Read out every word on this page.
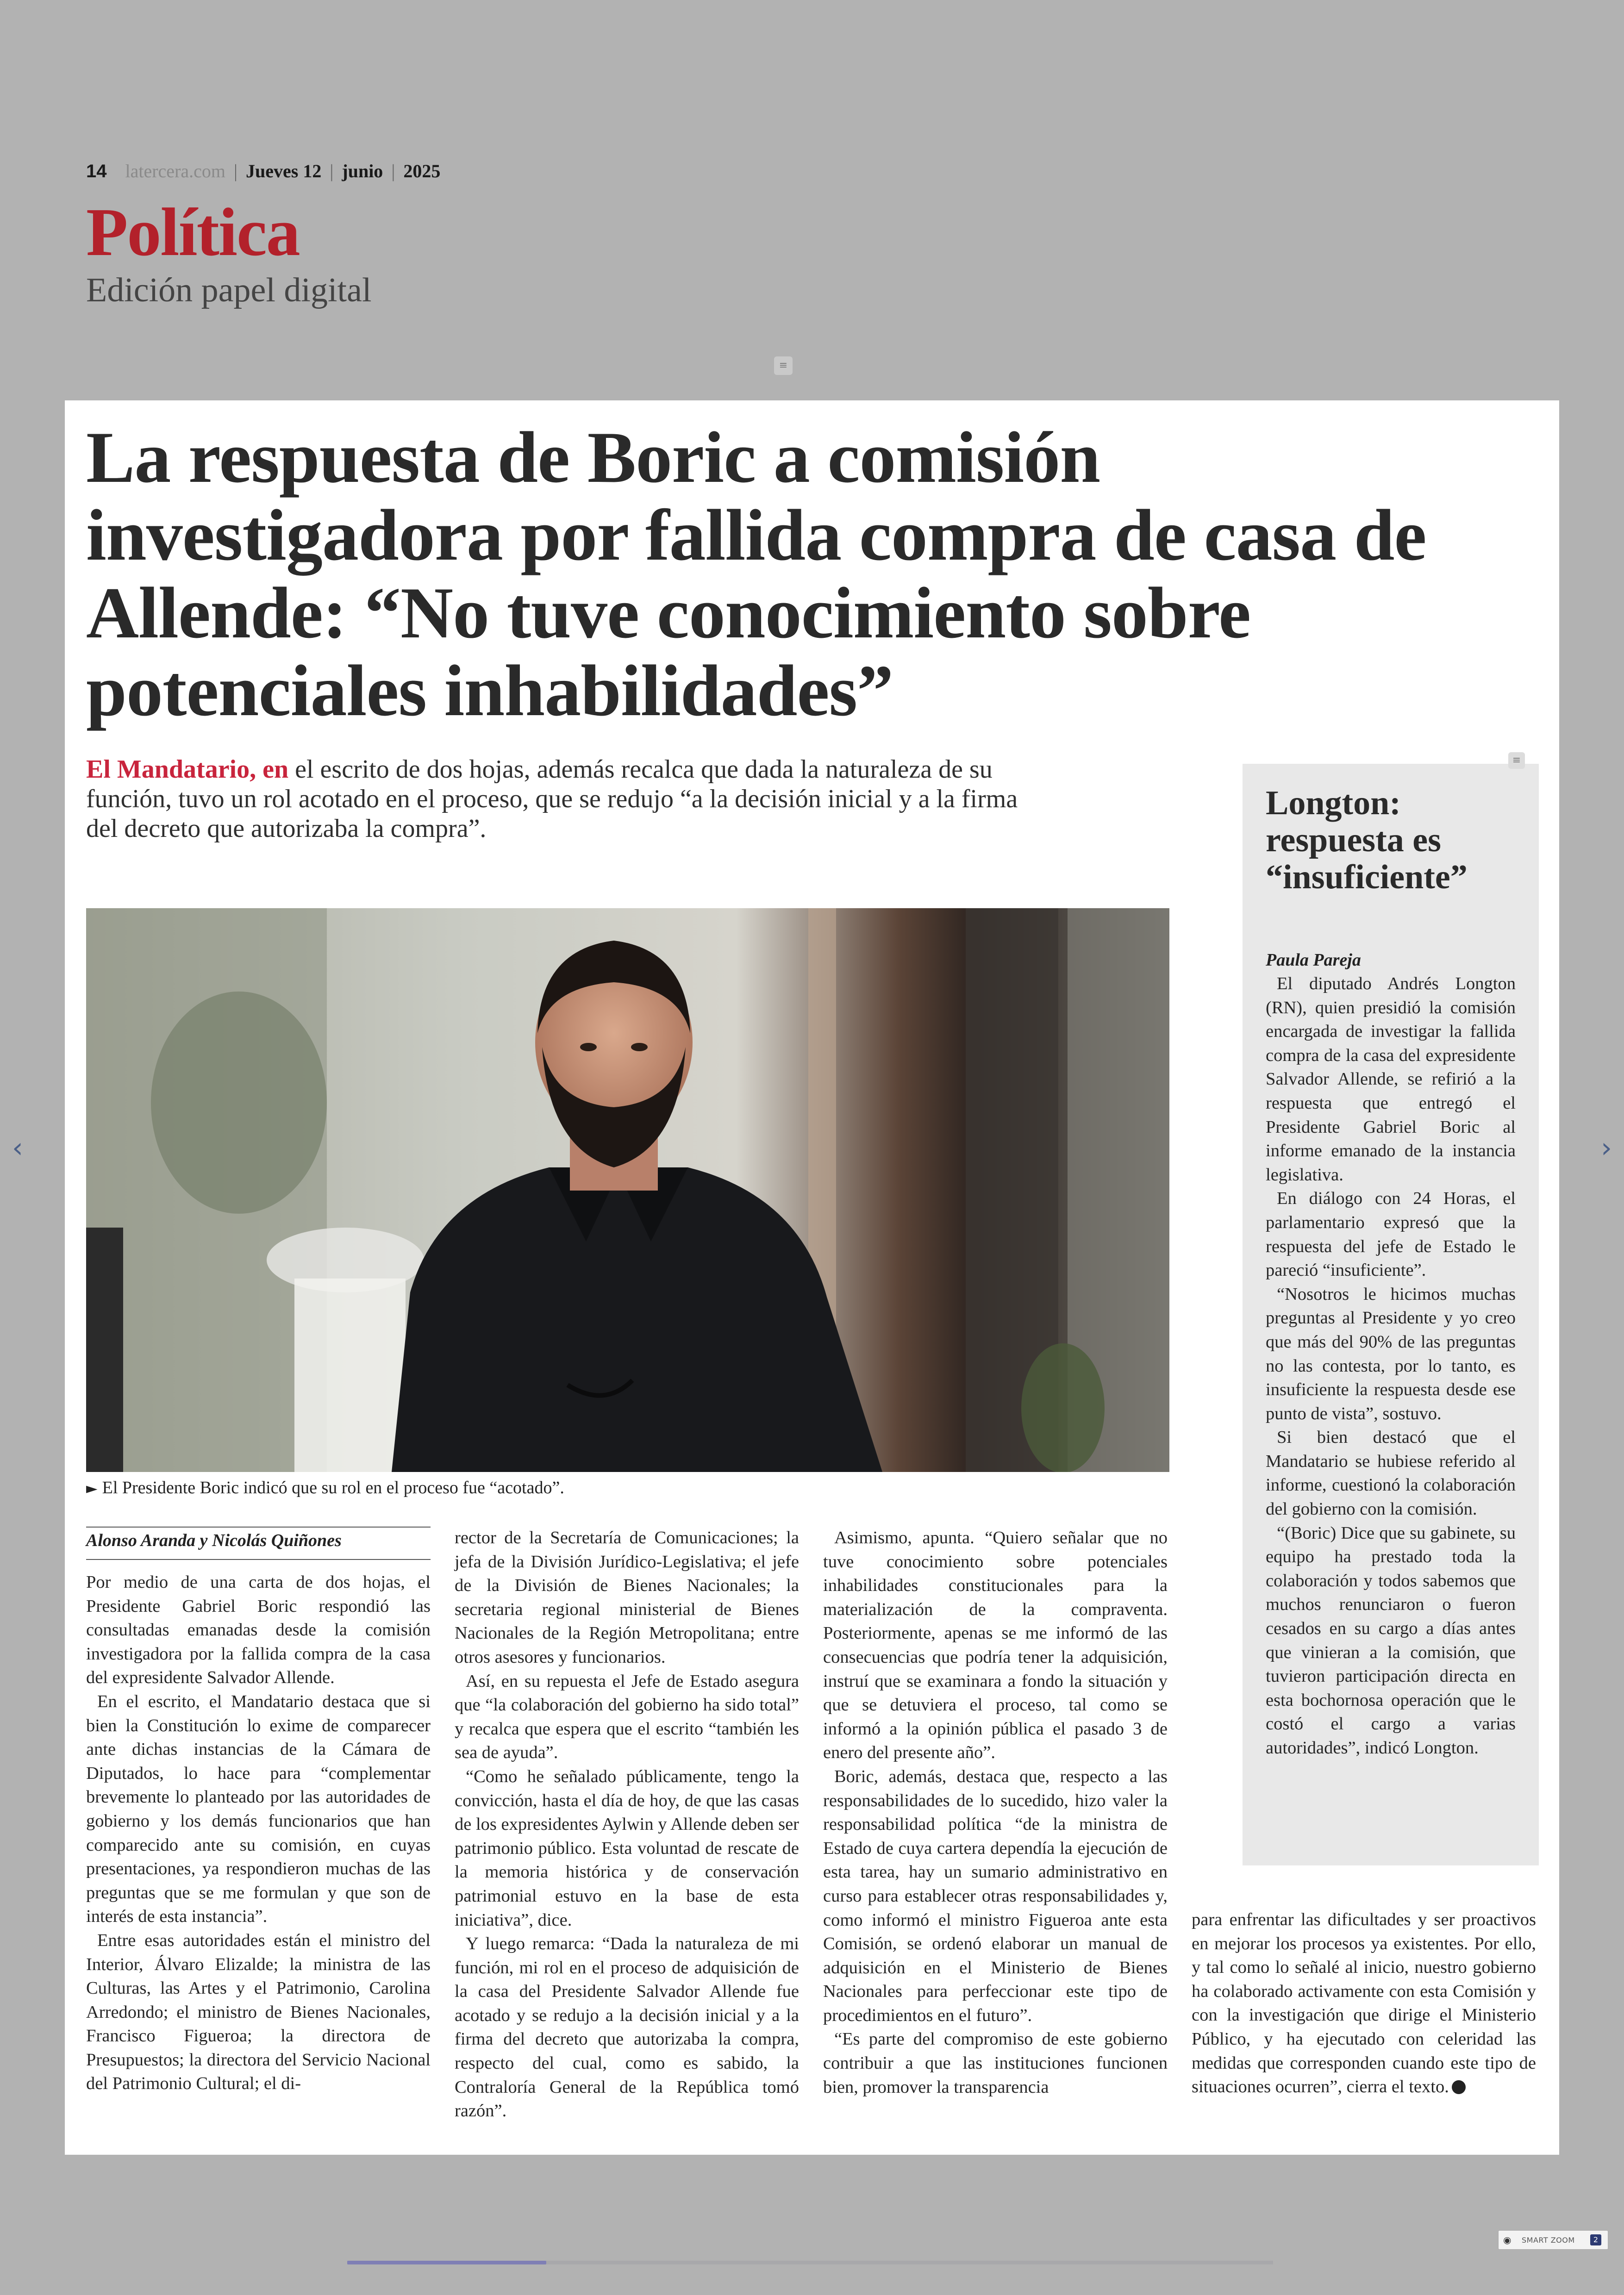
14 latercera.com | Jueves 12 | junio | 2025
Política
Edición papel digital
≡
La respuesta de Boric a comisión investigadora por fallida compra de casa de Allende: “No tuve conocimiento sobre potenciales inhabilidades”

El Mandatario, en el escrito de dos hojas, además recalca que dada la naturaleza de su función, tuvo un rol acotado en el proceso, que se redujo “a la decisión inicial y a la firma del decreto que autorizaba la compra”.

► El Presidente Boric indicó que su rol en el proceso fue “acotado”.
≡
Longton: respuesta es “insuficiente”
Paula Pareja

El diputado Andrés Longton (RN), quien presidió la comisión encargada de investigar la fallida compra de la casa del expresidente Salvador Allende, se refirió a la respuesta que entregó el Presidente Gabriel Boric al informe emanado de la instancia legislativa.

En diálogo con 24 Horas, el parlamentario expresó que la respuesta del jefe de Estado le pareció “insuficiente”.

“Nosotros le hicimos muchas preguntas al Presidente y yo creo que más del 90% de las preguntas no las contesta, por lo tanto, es insuficiente la respuesta desde ese punto de vista”, sostuvo.

Si bien destacó que el Mandatario se hubiese referido al informe, cuestionó la colaboración del gobierno con la comisión.

“(Boric) Dice que su gabinete, su equipo ha prestado toda la colaboración y todos sabemos que muchos renunciaron o fueron cesados en su cargo a días antes que vinieran a la comisión, que tuvieron participación directa en esta bochornosa operación que le costó el cargo a varias autoridades”, indicó Longton.

Alonso Aranda y Nicolás Quiñones

Por medio de una carta de dos hojas, el Presidente Gabriel Boric respondió las consultadas emanadas desde la comisión investigadora por la fallida compra de la casa del expresidente Salvador Allende.

En el escrito, el Mandatario destaca que si bien la Constitución lo exime de comparecer ante dichas instancias de la Cámara de Diputados, lo hace para “complementar brevemente lo planteado por las autoridades de gobierno y los demás funcionarios que han comparecido ante su comisión, en cuyas presentaciones, ya respondieron muchas de las preguntas que se me formulan y que son de interés de esta instancia”.

Entre esas autoridades están el ministro del Interior, Álvaro Elizalde; la ministra de las Culturas, las Artes y el Patrimonio, Carolina Arredondo; el ministro de Bienes Nacionales, Francisco Figueroa; la directora de Presupuestos; la directora del Servicio Nacional del Patrimonio Cultural; el di-

rector de la Secretaría de Comunicaciones; la jefa de la División Jurídico-Legislativa; el jefe de la División de Bienes Nacionales; la secretaria regional ministerial de Bienes Nacionales de la Región Metropolitana; entre otros asesores y funcionarios.

Así, en su repuesta el Jefe de Estado asegura que “la colaboración del gobierno ha sido total” y recalca que espera que el escrito “también les sea de ayuda”.

“Como he señalado públicamente, tengo la convicción, hasta el día de hoy, de que las casas de los expresidentes Aylwin y Allende deben ser patrimonio público. Esta voluntad de rescate de la memoria histórica y de conservación patrimonial estuvo en la base de esta iniciativa”, dice.

Y luego remarca: “Dada la naturaleza de mi función, mi rol en el proceso de adquisición de la casa del Presidente Salvador Allende fue acotado y se redujo a la decisión inicial y a la firma del decreto que autorizaba la compra, respecto del cual, como es sabido, la Contraloría General de la República tomó razón”.

Asimismo, apunta. “Quiero señalar que no tuve conocimiento sobre potenciales inhabilidades constitucionales para la materialización de la compraventa. Posteriormente, apenas se me informó de las consecuencias que podría tener la adquisición, instruí que se examinara a fondo la situación y que se detuviera el proceso, tal como se informó a la opinión pública el pasado 3 de enero del presente año”.

Boric, además, destaca que, respecto a las responsabilidades de lo sucedido, hizo valer la responsabilidad política “de la ministra de Estado de cuya cartera dependía la ejecución de esta tarea, hay un sumario administrativo en curso para establecer otras responsabilidades y, como informó el ministro Figueroa ante esta Comisión, se ordenó elaborar un manual de adquisición en el Ministerio de Bienes Nacionales para perfeccionar este tipo de procedimientos en el futuro”.

“Es parte del compromiso de este gobierno contribuir a que las instituciones funcionen bien, promover la transparencia

para enfrentar las dificultades y ser proactivos en mejorar los procesos ya existentes. Por ello, y tal como lo señalé al inicio, nuestro gobierno ha colaborado activamente con esta Comisión y con la investigación que dirige el Ministerio Público, y ha ejecutado con celeridad las medidas que corresponden cuando este tipo de situaciones ocurren”, cierra el texto.

‹	›
◉ SMART ZOOM	2
